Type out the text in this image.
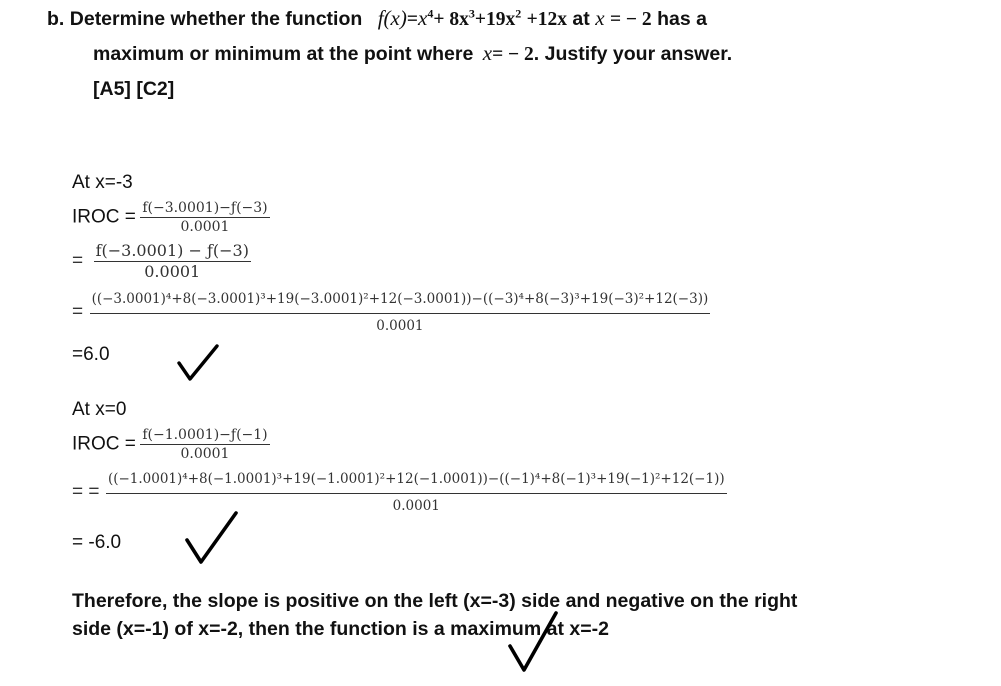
b. Determine whether the function $f(x)=x^4+ 8x^3+19x^2 +12x$ at x = − 2 has a
maximum or minimum at the point where x= − 2. Justify your answer.
[A5] [C2]
At x=-3
IROC = $\frac{f(-3.0001)-ƒ(-3)}{0.0001}$
= $\frac{f(-3.0001) - ƒ(-3)}{0.0001}$
=
((−3.0001)⁴+8(−3.0001)³+19(−3.0001)²+12(−3.0001))−((−3)⁴+8(−3)³+19(−3)²+12(−3))
0.0001
=6.0
At x=0
IROC = $\frac{f(-1.0001)-ƒ(-1)}{0.0001}$
= =
((−1.0001)⁴+8(−1.0001)³+19(−1.0001)²+12(−1.0001))−((−1)⁴+8(−1)³+19(−1)²+12(−1))
0.0001
= -6.0
Therefore, the slope is positive on the left (x=-3) side and negative on the right
side (x=-1) of x=-2, then the function is a maximum at x=-2
